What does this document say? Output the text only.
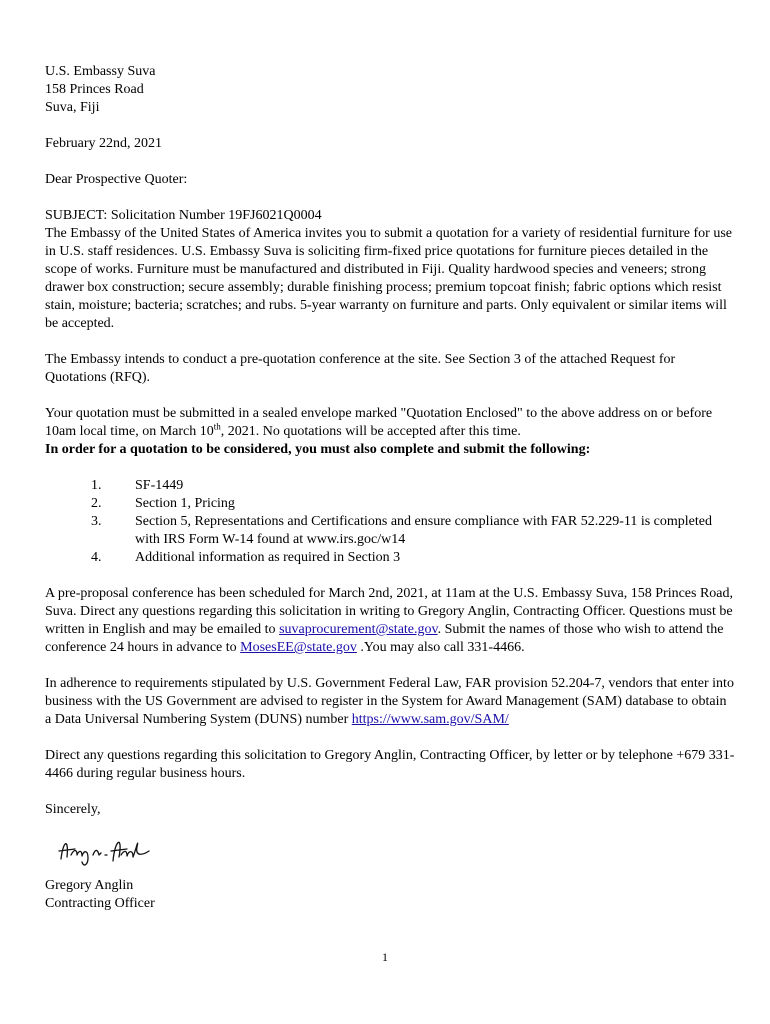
U.S. Embassy Suva

158 Princes Road

Suva, Fiji

February 22nd, 2021

Dear Prospective Quoter:

SUBJECT: Solicitation Number 19FJ6021Q0004

The Embassy of the United States of America invites you to submit a quotation for a variety of residential furniture for use in U.S. staff residences. U.S. Embassy Suva is soliciting firm-fixed price quotations for furniture pieces detailed in the scope of works. Furniture must be manufactured and distributed in Fiji. Quality hardwood species and veneers; strong drawer box construction; secure assembly; durable finishing process; premium topcoat finish; fabric options which resist stain, moisture; bacteria; scratches; and rubs. 5-year warranty on furniture and parts. Only equivalent or similar items will be accepted.

The Embassy intends to conduct a pre-quotation conference at the site. See Section 3 of the attached Request for Quotations (RFQ).

Your quotation must be submitted in a sealed envelope marked "Quotation Enclosed" to the above address on or before 10am local time, on March 10th, 2021. No quotations will be accepted after this time.

In order for a quotation to be considered, you must also complete and submit the following:

1.	SF-1449
2.	Section 1, Pricing
3.	Section 5, Representations and Certifications and ensure compliance with FAR 52.229-11 is completed with IRS Form W-14 found at www.irs.goc/w14
4.	Additional information as required in Section 3

A pre-proposal conference has been scheduled for March 2nd, 2021, at 11am at the U.S. Embassy Suva, 158 Princes Road, Suva. Direct any questions regarding this solicitation in writing to Gregory Anglin, Contracting Officer. Questions must be written in English and may be emailed to suvaprocurement@state.gov. Submit the names of those who wish to attend the conference 24 hours in advance to MosesEE@state.gov .You may also call 331-4466.

In adherence to requirements stipulated by U.S. Government Federal Law, FAR provision 52.204-7, vendors that enter into business with the US Government are advised to register in the System for Award Management (SAM) database to obtain a Data Universal Numbering System (DUNS) number https://www.sam.gov/SAM/

Direct any questions regarding this solicitation to Gregory Anglin, Contracting Officer, by letter or by telephone +679 331-4466 during regular business hours.

Sincerely,

Gregory Anglin

Contracting Officer

1
